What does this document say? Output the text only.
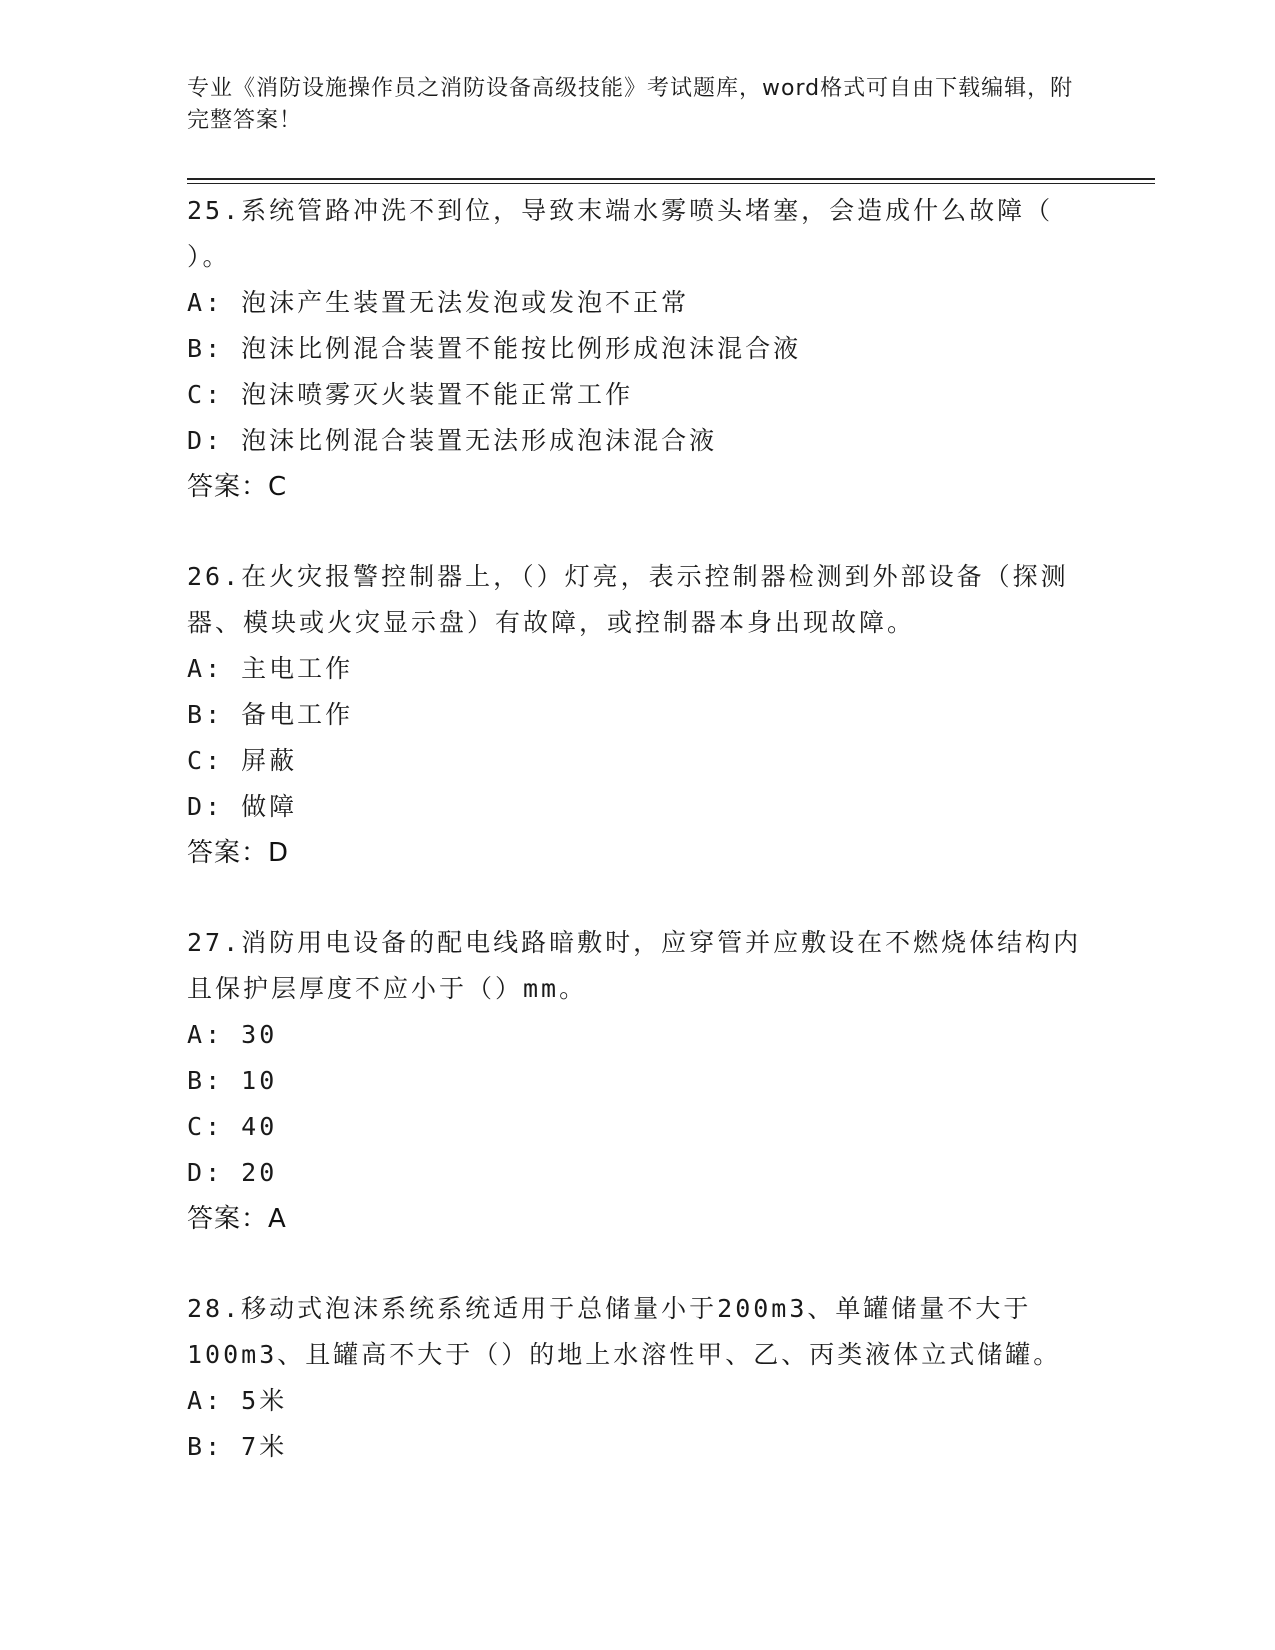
专业《消防设施操作员之消防设备高级技能》考试题库，word格式可自由下载编辑，附完整答案！

25.系统管路冲洗不到位，导致末端水雾喷头堵塞，会造成什么故障（ ）。

A: 泡沫产生装置无法发泡或发泡不正常
B: 泡沫比例混合装置不能按比例形成泡沫混合液
C: 泡沫喷雾灭火装置不能正常工作
D: 泡沫比例混合装置无法形成泡沫混合液
答案：C

26.在火灾报警控制器上，（）灯亮，表示控制器检测到外部设备（探测器、模块或火灾显示盘）有故障，或控制器本身出现故障。

A: 主电工作
B: 备电工作
C: 屏蔽
D: 做障
答案：D

27.消防用电设备的配电线路暗敷时，应穿管并应敷设在不燃烧体结构内且保护层厚度不应小于（）mm。

A: 30
B: 10
C: 40
D: 20
答案：A

28.移动式泡沫系统系统适用于总储量小于200m3、单罐储量不大于100m3、且罐高不大于（）的地上水溶性甲、乙、丙类液体立式储罐。

A: 5米
B: 7米
